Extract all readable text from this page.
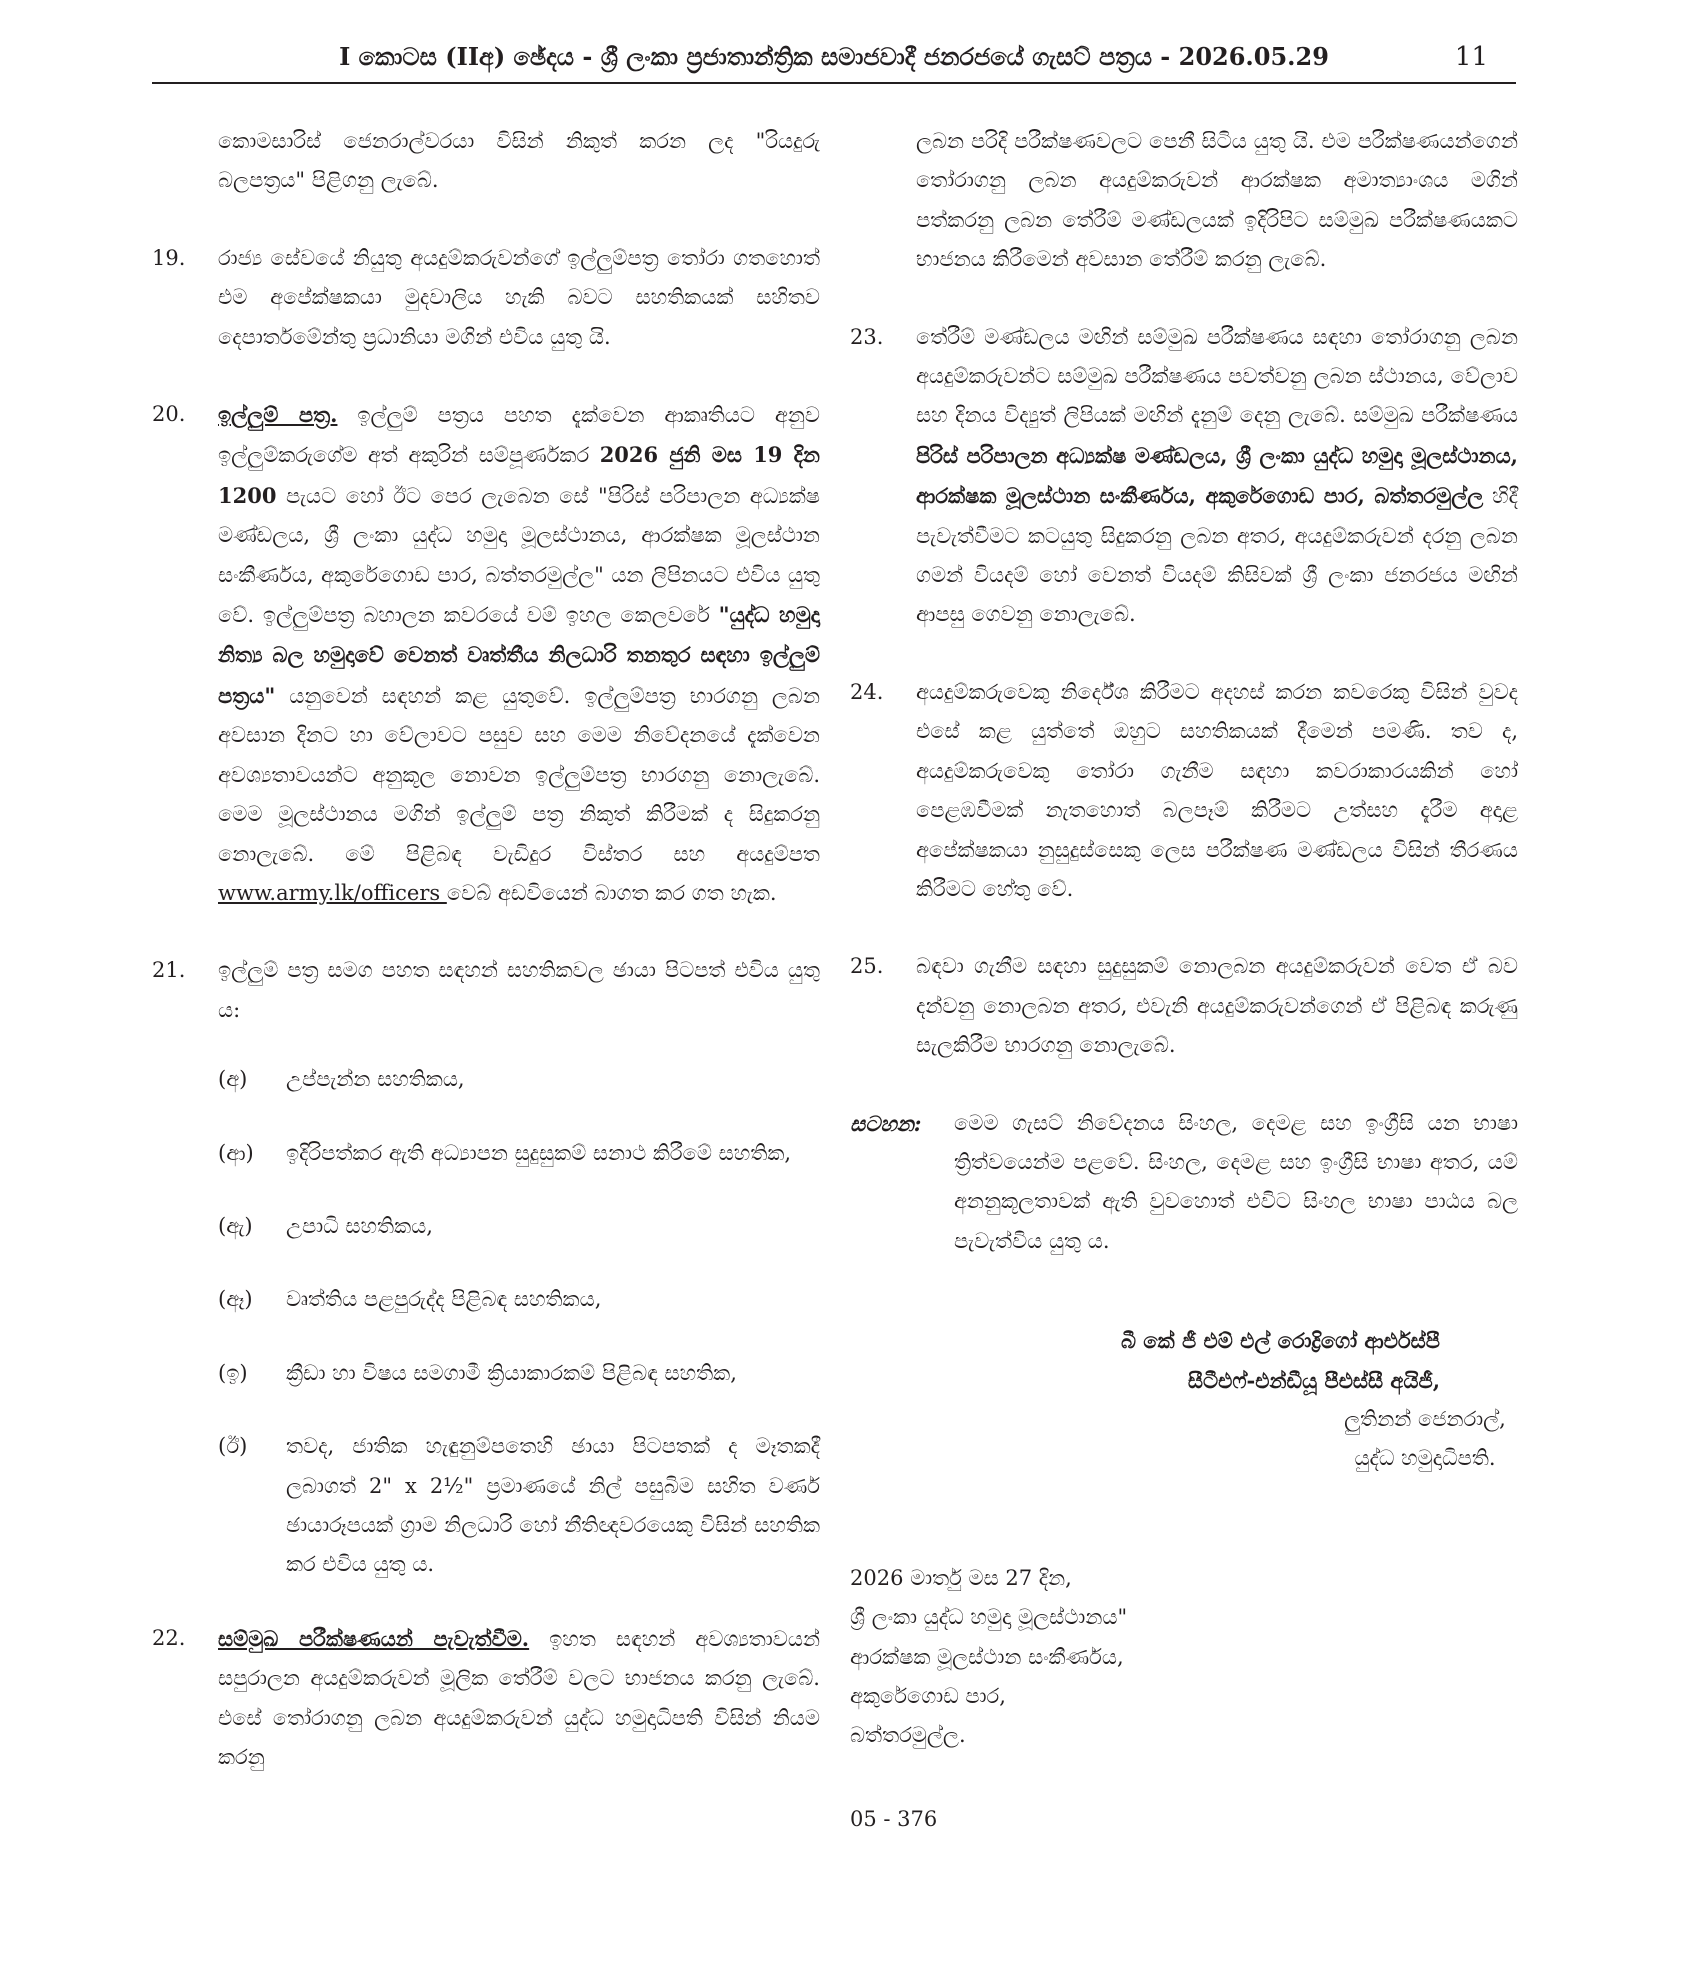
I කොටස (IIඅ) ඡේදය - ශ්‍රී ලංකා ප්‍රජාතාන්ත්‍රික සමාජවාදී ජනරජයේ ගැසට් පත්‍රය - 2026.05.29	11
කොමසාරිස් ජෙනරාල්වරයා විසින් නිකුත් කරන ලද "රියදුරු බලපත්‍රය" පිළිගනු ලැබේ.
19.	රාජ්‍ය සේවයේ නියුතු අයදුම්කරුවන්ගේ ඉල්ලුම්පත්‍ර තෝරා ගතහොත් එම අපේක්ෂකයා මුදවාලිය හැකි බවට සහතිකයක් සහිතව දෙපාර්තමේන්තු ප්‍රධානියා මගින් එවිය යුතු යි.
20.	ඉල්ලුම් පත්‍ර. ඉල්ලුම් පත්‍රය පහත දැක්වෙන ආකෘතියට අනුව ඉල්ලුම්කරුගේම අත් අකුරින් සම්පූර්ණකර 2026 ජුනි මස 19 දින 1200 පැයට හෝ ඊට පෙර ලැබෙන සේ "පිරිස් පරිපාලන අධ්‍යක්ෂ මණ්ඩලය, ශ්‍රී ලංකා යුද්ධ හමුදා මූලස්ථානය, ආරක්ෂක මූලස්ථාන සංකීර්ණය, අකුරේගොඩ පාර, බත්තරමුල්ල" යන ලිපිනයට එවිය යුතු වේ. ඉල්ලුම්පත්‍ර බහාලන කවරයේ වම් ඉහල කෙලවරේ "යුද්ධ හමුදා නිත්‍ය බල හමුදාවේ වෙනත් වෘත්තීය නිලධාරි තනතුර සඳහා ඉල්ලුම් පත්‍රය" යනුවෙන් සඳහන් කළ යුතුවේ. ඉල්ලුම්පත්‍ර භාරගනු ලබන අවසාන දිනට හා වේලාවට පසුව සහ මෙම නිවේදනයේ දැක්වෙන අවශ්‍යතාවයන්ට අනුකූල නොවන ඉල්ලුම්පත්‍ර භාරගනු නොලැබේ. මෙම මූලස්ථානය මගින් ඉල්ලුම් පත්‍ර නිකුත් කිරීමක් ද සිදුකරනු නොලැබේ. මේ පිළිබඳ වැඩිදුර විස්තර සහ අයදුම්පත www.army.lk/officers වෙබ් අඩවියෙන් බාගත කර ගත හැක.
21.	ඉල්ලුම් පත්‍ර සමග පහත සඳහන් සහතිකවල ඡායා පිටපත් එවිය යුතු ය:
(අ)	උප්පැන්න සහතිකය,
(ආ)	ඉදිරිපත්කර ඇති අධ්‍යාපන සුදුසුකම් සනාථ කිරීමේ සහතික,
(ඇ)	උපාධි සහතිකය,
(ඈ)	වෘත්තිය පළපුරුද්ද පිළිබඳ සහතිකය,
(ඉ)	ක්‍රීඩා හා විෂය සමගාමී ක්‍රියාකාරකම් පිළිබඳ සහතික,
(ඊ)	තවද, ජාතික හැඳුනුම්පතෙහි ඡායා පිටපතක් ද මෑතකදී ලබාගත් 2" x 2½" ප්‍රමාණයේ නිල් පසුබිම සහිත වර්ණ ඡායාරූපයක් ග්‍රාම නිලධාරි හෝ නීතිඥවරයෙකු විසින් සහතික කර එවිය යුතු ය.
22.	සම්මුඛ පරීක්ෂණයන් පැවැත්වීම. ඉහත සඳහන් අවශ්‍යතාවයන් සපුරාලන අයදුම්කරුවන් මූලික තේරීම් වලට භාජනය කරනු ලැබේ. එසේ තෝරාගනු ලබන අයදුම්කරුවන් යුද්ධ හමුදාධිපති විසින් නියම කරනු
ලබන පරිදි පරීක්ෂණවලට පෙනී සිටිය යුතු යි. එම පරීක්ෂණයන්ගෙන් තෝරාගනු ලබන අයදුම්කරුවන් ආරක්ෂක අමාත්‍යාංශය මගින් පත්කරනු ලබන තේරීම් මණ්ඩලයක් ඉදිරිපිට සම්මුඛ පරීක්ෂණයකට භාජනය කිරීමෙන් අවසාන තේරීම් කරනු ලැබේ.
23.	තේරීම් මණ්ඩලය මඟින් සම්මුඛ පරීක්ෂණය සඳහා තෝරාගනු ලබන අයදුම්කරුවන්ට සම්මුඛ පරීක්ෂණය පවත්වනු ලබන ස්ථානය, වේලාව සහ දිනය විද්‍යුත් ලිපියක් මඟින් දැනුම් දෙනු ලැබේ. සම්මුඛ පරීක්ෂණය පිරිස් පරිපාලන අධ්‍යක්ෂ මණ්ඩලය, ශ්‍රී ලංකා යුද්ධ හමුදා මූලස්ථානය, ආරක්ෂක මූලස්ථාන සංකීර්ණය, අකුරේගොඩ පාර, බත්තරමුල්ල හිදී පැවැත්වීමට කටයුතු සිදුකරනු ලබන අතර, අයදුම්කරුවන් දරනු ලබන ගමන් වියදම් හෝ වෙනත් වියදම් කිසිවක් ශ්‍රී ලංකා ජනරජය මඟින් ආපසු ගෙවනු නොලැබේ.
24.	අයදුම්කරුවෙකු නිර්දේශ කිරීමට අදහස් කරන කවරෙකු විසින් වුවද එසේ කළ යුත්තේ ඔහුට සහතිකයක් දීමෙන් පමණි. තව ද, අයදුම්කරුවෙකු තෝරා ගැනීම සඳහා කවරාකාරයකින් හෝ පෙළඹවීමක් නැතහොත් බලපෑම් කිරීමට උත්සහ දැරීම අදාළ අපේක්ෂකයා නුසුදුස්සෙකු ලෙස පරීක්ෂණ මණ්ඩලය විසින් තීරණය කිරීමට හේතු වේ.
25.	බඳවා ගැනීම සඳහා සුදුසුකම් නොලබන අයදුම්කරුවන් වෙත ඒ බව දන්වනු නොලබන අතර, එවැනි අයදුම්කරුවන්ගෙන් ඒ පිළිබඳ කරුණු සැලකිරීම භාරගනු නොලැබේ.
සටහන:	මෙම ගැසට් නිවේදනය සිංහල, දෙමළ සහ ඉංග්‍රීසි යන භාෂා ත්‍රිත්වයෙන්ම පළවේ. සිංහල, දෙමළ සහ ඉංග්‍රීසි භාෂා අතර, යම් අනනුකූලතාවක් ඇති වුවහොත් එවිට සිංහල භාෂා පාඨය බල පැවැත්විය යුතු ය.
බී කේ ජී එම් එල් රොද්‍රිගෝ ආර්එස්පී
සීටීඑෆ්-එන්ඩීයූ පීඑස්සී අයිජී,
ලුතිනන් ජෙනරාල්,
යුද්ධ හමුදාධිපති.
2026 මාර්තු මස 27 දින,
ශ්‍රී ලංකා යුද්ධ හමුදා මූලස්ථානය"
ආරක්ෂක මූලස්ථාන සංකීර්ණය,
අකුරේගොඩ පාර,
බත්තරමුල්ල.
05 - 376
